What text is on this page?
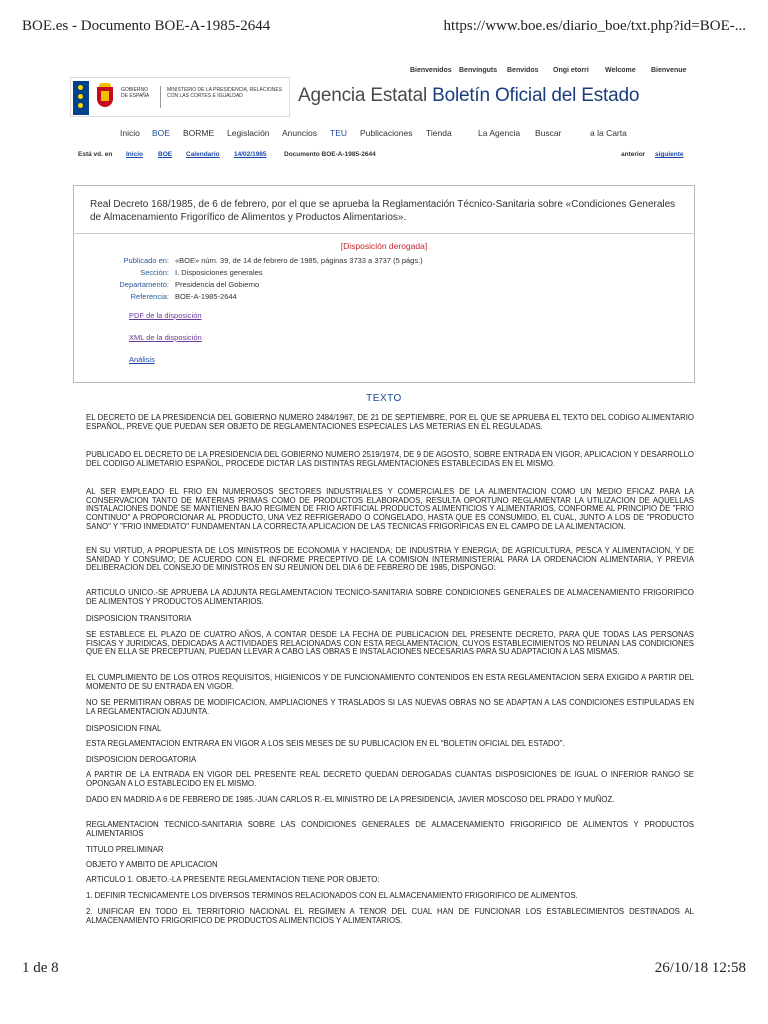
BOE.es - Documento BOE-A-1985-2644	https://www.boe.es/diario_boe/txt.php?id=BOE-...
Bienvenidos Benvinguts Benvidos Ongi etorri Welcome Bienvenue
GOBIERNO DE ESPAÑA
MINISTERIO DE LA PRESIDENCIA, RELACIONES CON LAS CORTES E IGUALDAD	Agencia Estatal Boletín Oficial del Estado
Inicio BOE BORME Legislación Anuncios TEU Publicaciones Tienda	La Agencia Buscar	a la Carta
Está vd. en Inicio BOE Calendario 14/02/1985	Documento BOE-A-1985-2644	anterior siguiente
Real Decreto 168/1985, de 6 de febrero, por el que se aprueba la Reglamentación Técnico-Sanitaria sobre «Condiciones Generales de Almacenamiento Frigorífico de Alimentos y Productos Alimentarios».
[Disposición derogada]
Publicado en: «BOE» núm. 39, de 14 de febrero de 1985, páginas 3733 a 3737 (5 págs.)
Sección: I. Disposiciones generales
Departamento: Presidencia del Gobierno
Referencia: BOE-A-1985-2644
PDF de la disposición
XML de la disposición
Análisis
TEXTO

EL DECRETO DE LA PRESIDENCIA DEL GOBIERNO NUMERO 2484/1967, DE 21 DE SEPTIEMBRE, POR EL QUE SE APRUEBA EL TEXTO DEL CODIGO ALIMENTARIO ESPAÑOL, PREVE QUE PUEDAN SER OBJETO DE REGLAMENTACIONES ESPECIALES LAS METERIAS EN EL REGULADAS.

PUBLICADO EL DECRETO DE LA PRESIDENCIA DEL GOBIERNO NUMERO 2519/1974, DE 9 DE AGOSTO, SOBRE ENTRADA EN VIGOR, APLICACION Y DESARROLLO DEL CODIGO ALIMETARIO ESPAÑOL, PROCEDE DICTAR LAS DISTINTAS REGLAMENTACIONES ESTABLECIDAS EN EL MISMO.

AL SER EMPLEADO EL FRIO EN NUMEROSOS SECTORES INDUSTRIALES Y COMERCIALES DE LA ALIMENTACION COMO UN MEDIO EFICAZ PARA LA CONSERVACION TANTO DE MATERIAS PRIMAS COMO DE PRODUCTOS ELABORADOS, RESULTA OPORTUNO REGLAMENTAR LA UTILIZACION DE AQUELLAS INSTALACIONES DONDE SE MANTIENEN BAJO REGIMEN DE FRIO ARTIFICIAL PRODUCTOS ALIMENTICIOS Y ALIMENTARIOS, CONFORME AL PRINCIPIO DE "FRIO CONTINUO" A PROPORCIONAR AL PRODUCTO, UNA VEZ REFRIGERADO O CONGELADO, HASTA QUE ES CONSUMIDO, EL CUAL, JUNTO A LOS DE "PRODUCTO SANO" Y "FRIO INMEDIATO" FUNDAMENTAN LA CORRECTA APLICACION DE LAS TECNICAS FRIGORIFICAS EN EL CAMPO DE LA ALIMENTACION.

EN SU VIRTUD, A PROPUESTA DE LOS MINISTROS DE ECONOMIA Y HACIENDA; DE INDUSTRIA Y ENERGIA; DE AGRICULTURA, PESCA Y ALIMENTACION, Y DE SANIDAD Y CONSUMO; DE ACUERDO CON EL INFORME PRECEPTIVO DE LA COMISION INTERMINISTERIAL PARA LA ORDENACION ALIMENTARIA, Y PREVIA DELIBERACION DEL CONSEJO DE MINISTROS EN SU REUNION DEL DIA 6 DE FEBRERO DE 1985, DISPONGO:

ARTICULO UNICO.-SE APRUEBA LA ADJUNTA REGLAMENTACION TECNICO-SANITARIA SOBRE CONDICIONES GENERALES DE ALMACENAMIENTO FRIGORIFICO DE ALIMENTOS Y PRODUCTOS ALIMENTARIOS.

DISPOSICION TRANSITORIA

SE ESTABLECE EL PLAZO DE CUATRO AÑOS, A CONTAR DESDE LA FECHA DE PUBLICACION DEL PRESENTE DECRETO, PARA QUE TODAS LAS PERSONAS FISICAS Y JURIDICAS, DEDICADAS A ACTIVIDADES RELACIONADAS CON ESTA REGLAMENTACION, CUYOS ESTABLECIMIENTOS NO REUNAN LAS CONDICIONES QUE EN ELLA SE PRECEPTUAN, PUEDAN LLEVAR A CABO LAS OBRAS E INSTALACIONES NECESARIAS PARA SU ADAPTACION A LAS MISMAS.

EL CUMPLIMIENTO DE LOS OTROS REQUISITOS, HIGIENICOS Y DE FUNCIONAMIENTO CONTENIDOS EN ESTA REGLAMENTACION SERA EXIGIDO A PARTIR DEL MOMENTO DE SU ENTRADA EN VIGOR.

NO SE PERMITIRAN OBRAS DE MODIFICACION, AMPLIACIONES Y TRASLADOS SI LAS NUEVAS OBRAS NO SE ADAPTAN A LAS CONDICIONES ESTIPULADAS EN LA REGLAMENTACION ADJUNTA.

DISPOSICION FINAL

ESTA REGLAMENTACION ENTRARA EN VIGOR A LOS SEIS MESES DE SU PUBLICACION EN EL "BOLETIN OFICIAL DEL ESTADO".

DISPOSICION DEROGATORIA

A PARTIR DE LA ENTRADA EN VIGOR DEL PRESENTE REAL DECRETO QUEDAN DEROGADAS CUANTAS DISPOSICIONES DE IGUAL O INFERIOR RANGO SE OPONGAN A LO ESTABLECIDO EN EL MISMO.

DADO EN MADRID A 6 DE FEBRERO DE 1985.-JUAN CARLOS R.-EL MINISTRO DE LA PRESIDENCIA, JAVIER MOSCOSO DEL PRADO Y MUÑOZ.

REGLAMENTACION TECNICO-SANITARIA SOBRE LAS CONDICIONES GENERALES DE ALMACENAMIENTO FRIGORIFICO DE ALIMENTOS Y PRODUCTOS ALIMENTARIOS

TITULO PRELIMINAR

OBJETO Y AMBITO DE APLICACION

ARTICULO 1. OBJETO.-LA PRESENTE REGLAMENTACION TIENE POR OBJETO:

1. DEFINIR TECNICAMENTE LOS DIVERSOS TERMINOS RELACIONADOS CON EL ALMACENAMIENTO FRIGORIFICO DE ALIMENTOS.

2. UNIFICAR EN TODO EL TERRITORIO NACIONAL EL REGIMEN A TENOR DEL CUAL HAN DE FUNCIONAR LOS ESTABLECIMIENTOS DESTINADOS AL ALMACENAMIENTO FRIGORIFICO DE PRODUCTOS ALIMENTICIOS Y ALIMENTARIOS.

1 de 8	26/10/18 12:58
